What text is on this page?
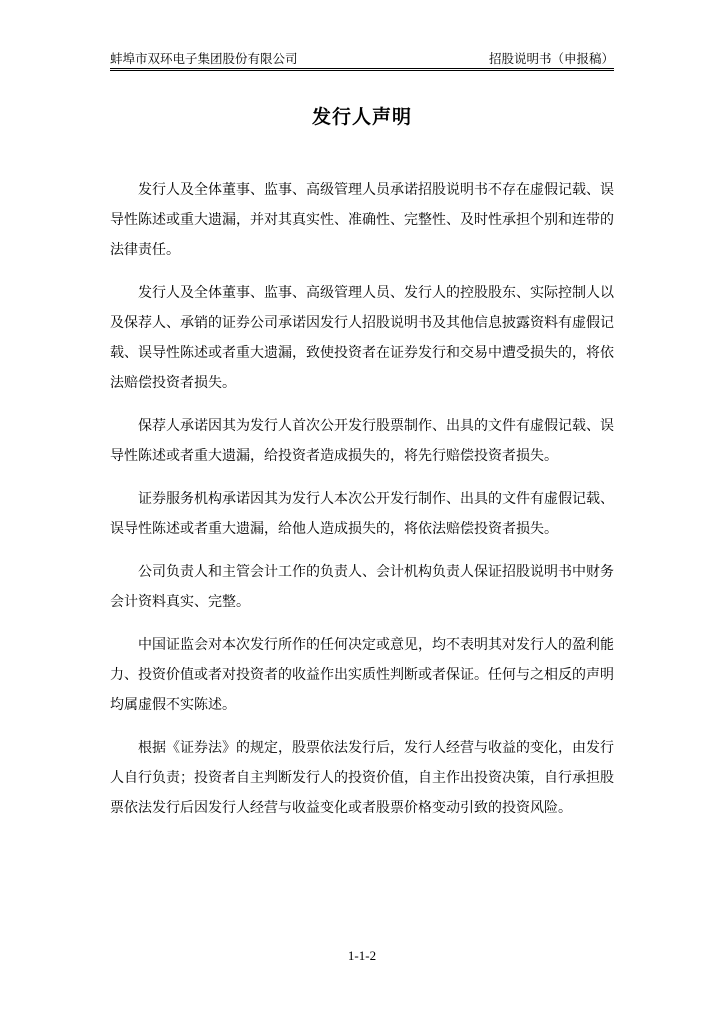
蚌埠市双环电子集团股份有限公司	招股说明书（申报稿）
发行人声明

发行人及全体董事、监事、高级管理人员承诺招股说明书不存在虚假记载、误导性陈述或重大遗漏，并对其真实性、准确性、完整性、及时性承担个别和连带的法律责任。

发行人及全体董事、监事、高级管理人员、发行人的控股股东、实际控制人以及保荐人、承销的证券公司承诺因发行人招股说明书及其他信息披露资料有虚假记载、误导性陈述或者重大遗漏，致使投资者在证券发行和交易中遭受损失的，将依法赔偿投资者损失。

保荐人承诺因其为发行人首次公开发行股票制作、出具的文件有虚假记载、误导性陈述或者重大遗漏，给投资者造成损失的，将先行赔偿投资者损失。

证券服务机构承诺因其为发行人本次公开发行制作、出具的文件有虚假记载、误导性陈述或者重大遗漏，给他人造成损失的，将依法赔偿投资者损失。

公司负责人和主管会计工作的负责人、会计机构负责人保证招股说明书中财务会计资料真实、完整。

中国证监会对本次发行所作的任何决定或意见，均不表明其对发行人的盈利能力、投资价值或者对投资者的收益作出实质性判断或者保证。任何与之相反的声明均属虚假不实陈述。

根据《证券法》的规定，股票依法发行后，发行人经营与收益的变化，由发行人自行负责；投资者自主判断发行人的投资价值，自主作出投资决策，自行承担股票依法发行后因发行人经营与收益变化或者股票价格变动引致的投资风险。

1-1-2
